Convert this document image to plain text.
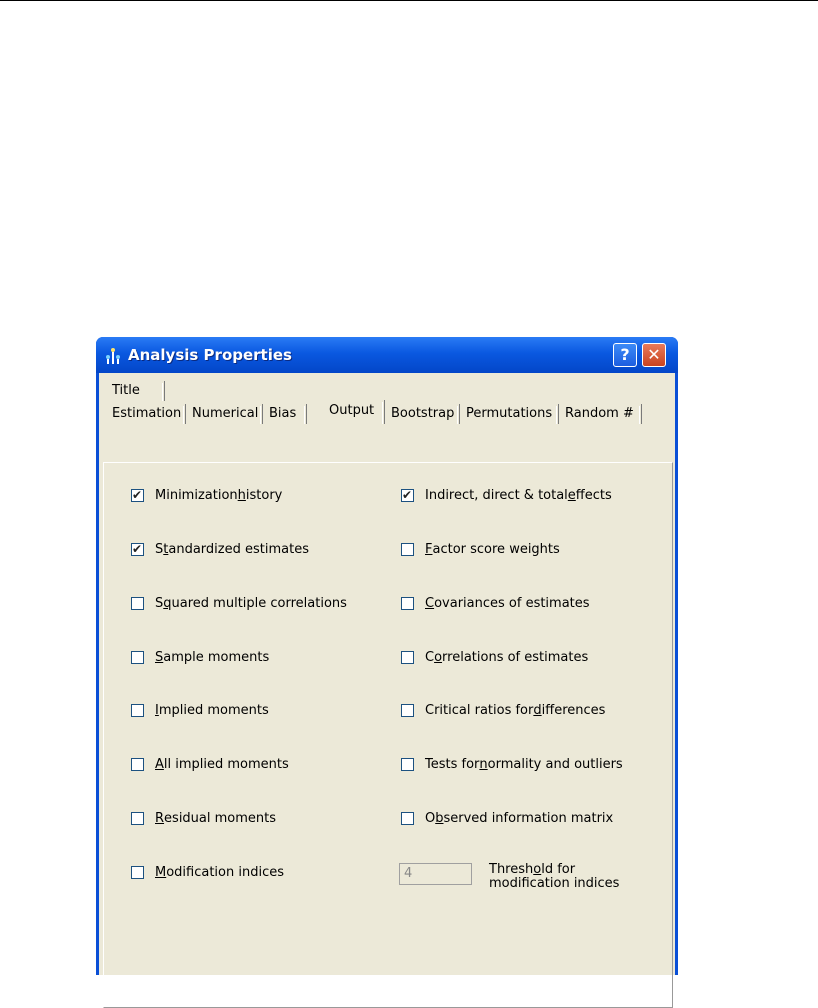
Analysis Properties	?	✕
Title
Estimation Numerical Bias	Output	Bootstrap Permutations Random #
✔
Minimization h istory
✔
S t andardized estimates
S q uared multiple correlations
S ample moments
I mplied moments
A ll implied moments
R esidual moments
M odification indices
✔
Indirect, direct & total e ffects
F actor score weights
C ovariances of estimates
C o rrelations of estimates
Critical ratios for d ifferences
Tests for n ormality and outliers
O b served information matrix
4	Threshold for
modification indices
